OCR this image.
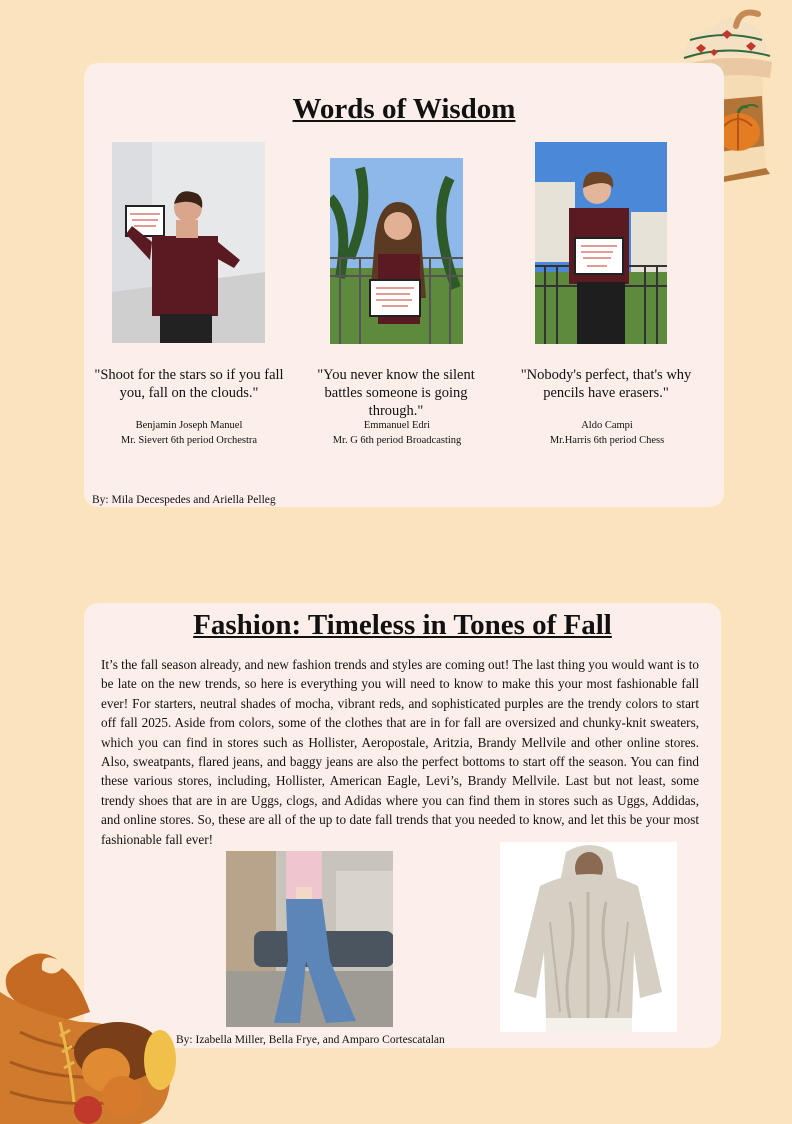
Words of Wisdom
"Shoot for the stars so if you fall you, fall on the clouds."
"You never know the silent battles someone is going through."
"Nobody's perfect, that's why pencils have erasers."
Benjamin Joseph Manuel
Mr. Sievert 6th period Orchestra
Emmanuel Edri
Mr. G 6th period Broadcasting
Aldo Campi
Mr.Harris 6th period Chess
By: Mila Decespedes and Ariella Pelleg
Fashion: Timeless in Tones of Fall

It’s the fall season already, and new fashion trends and styles are coming out! The last thing you would want is to be late on the new trends, so here is everything you will need to know to make this your most fashionable fall ever! For starters, neutral shades of mocha, vibrant reds, and sophisticated purples are the trendy colors to start off fall 2025. Aside from colors, some of the clothes that are in for fall are oversized and chunky-knit sweaters, which you can find in stores such as Hollister, Aeropostale, Aritzia, Brandy Mellvile and other online stores. Also, sweatpants, flared jeans, and baggy jeans are also the perfect bottoms to start off the season. You can find these various stores, including, Hollister, American Eagle, Levi’s, Brandy Mellvile. Last but not least, some trendy shoes that are in are Uggs, clogs, and Adidas where you can find them in stores such as Uggs, Addidas, and online stores. So, these are all of the up to date fall trends that you needed to know, and let this be your most fashionable fall ever!

By: Izabella Miller, Bella Frye, and Amparo Cortescatalan
